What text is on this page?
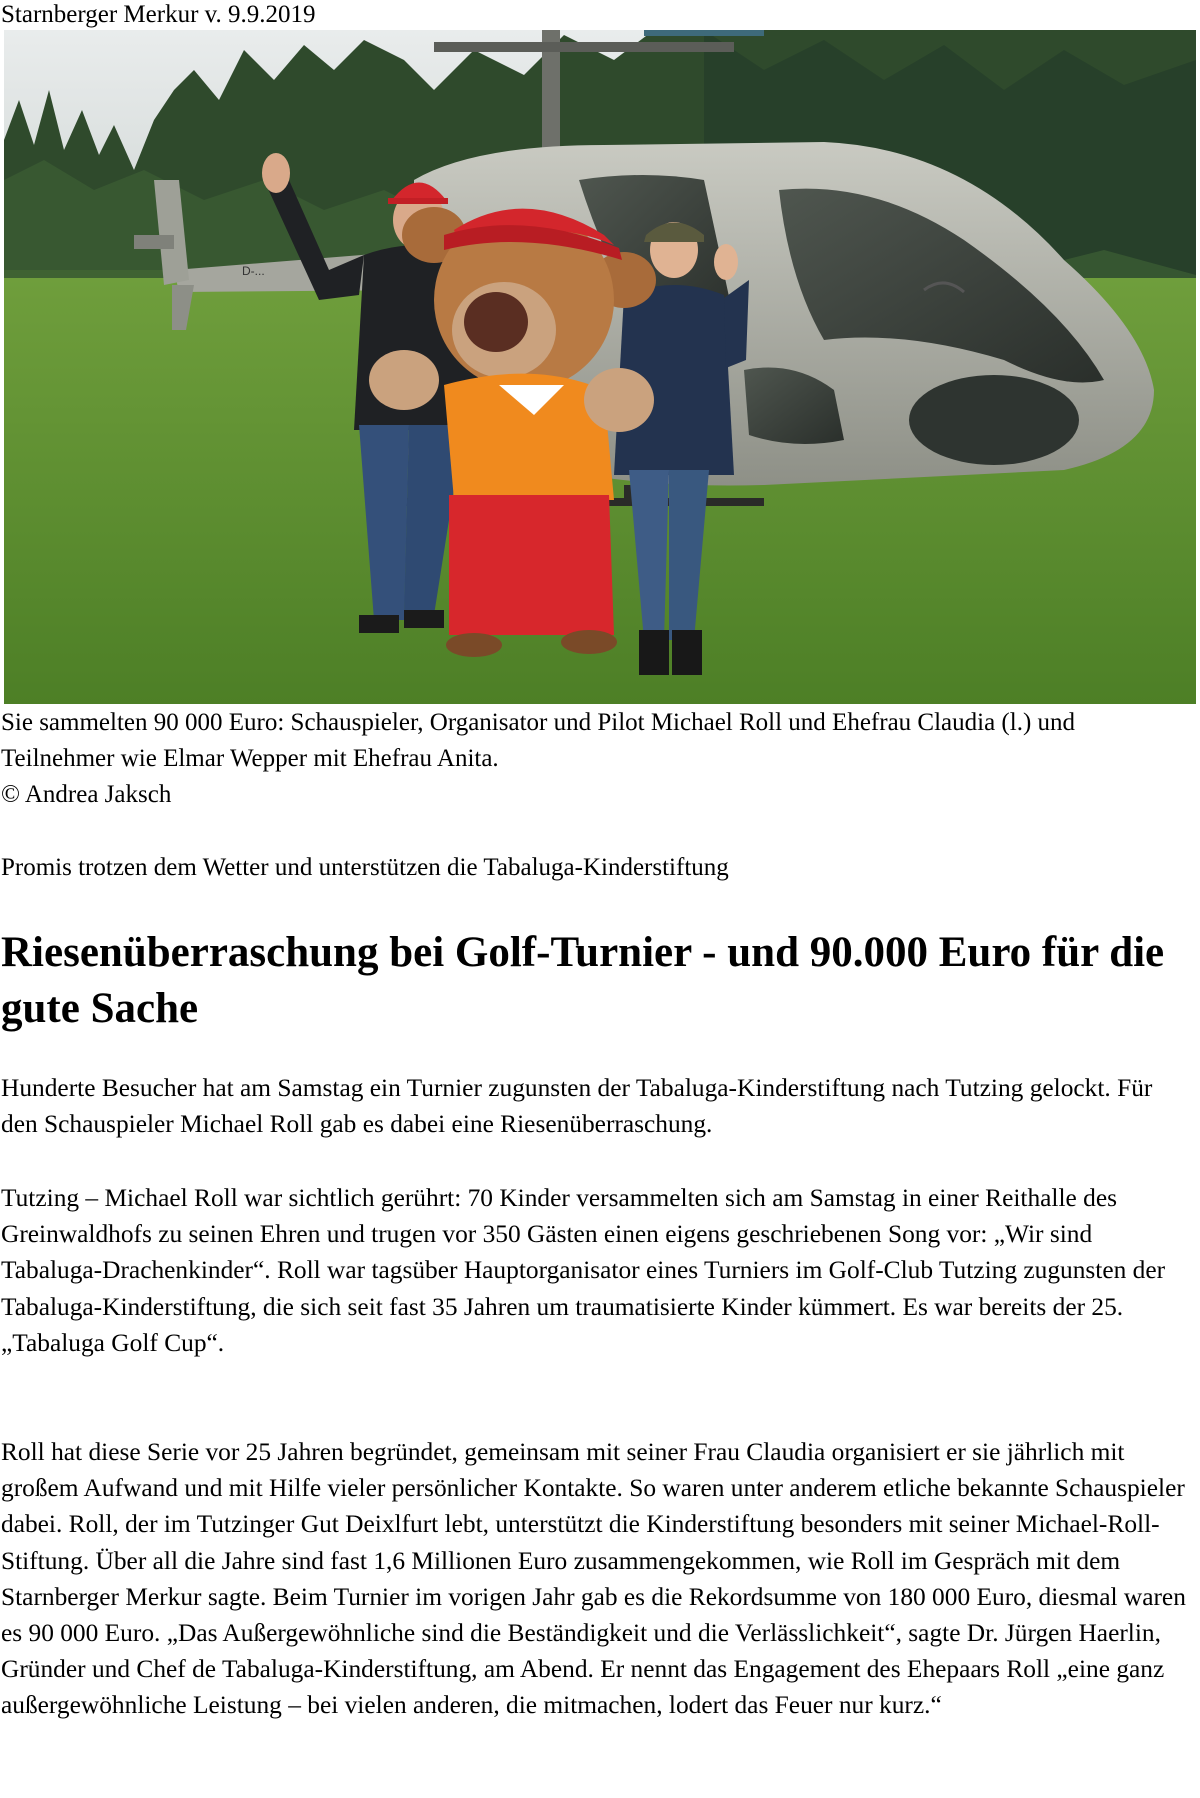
Starnberger Merkur v. 9.9.2019
D-...

Sie sammelten 90 000 Euro: Schauspieler, Organisator und Pilot Michael Roll und Ehefrau Claudia (l.) und Teilnehmer wie Elmar Wepper mit Ehefrau Anita.

© Andrea Jaksch

Promis trotzen dem Wetter und unterstützen die Tabaluga-Kinderstiftung

Riesenüberraschung bei Golf-Turnier - und 90.000 Euro für die gute Sache

Hunderte Besucher hat am Samstag ein Turnier zugunsten der Tabaluga-Kinderstiftung nach Tutzing gelockt. Für den Schauspieler Michael Roll gab es dabei eine Riesenüberraschung.

Tutzing – Michael Roll war sichtlich gerührt: 70 Kinder versammelten sich am Samstag in einer Reithalle des Greinwaldhofs zu seinen Ehren und trugen vor 350 Gästen einen eigens geschriebenen Song vor: „Wir sind Tabaluga-Drachenkinder“. Roll war tagsüber Hauptorganisator eines Turniers im Golf-Club Tutzing zugunsten der Tabaluga-Kinderstiftung, die sich seit fast 35 Jahren um traumatisierte Kinder kümmert. Es war bereits der 25. „Tabaluga Golf Cup“.

Roll hat diese Serie vor 25 Jahren begründet, gemeinsam mit seiner Frau Claudia organisiert er sie jährlich mit großem Aufwand und mit Hilfe vieler persönlicher Kontakte. So waren unter anderem etliche bekannte Schauspieler dabei. Roll, der im Tutzinger Gut Deixlfurt lebt, unterstützt die Kinderstiftung besonders mit seiner Michael-Roll-Stiftung. Über all die Jahre sind fast 1,6 Millionen Euro zusammengekommen, wie Roll im Gespräch mit dem Starnberger Merkur sagte. Beim Turnier im vorigen Jahr gab es die Rekordsumme von 180 000 Euro, diesmal waren es 90 000 Euro. „Das Außergewöhnliche sind die Beständigkeit und die Verlässlichkeit“, sagte Dr. Jürgen Haerlin, Gründer und Chef de Tabaluga-Kinderstiftung, am Abend. Er nennt das Engagement des Ehepaars Roll „eine ganz außergewöhnliche Leistung – bei vielen anderen, die mitmachen, lodert das Feuer nur kurz.“
